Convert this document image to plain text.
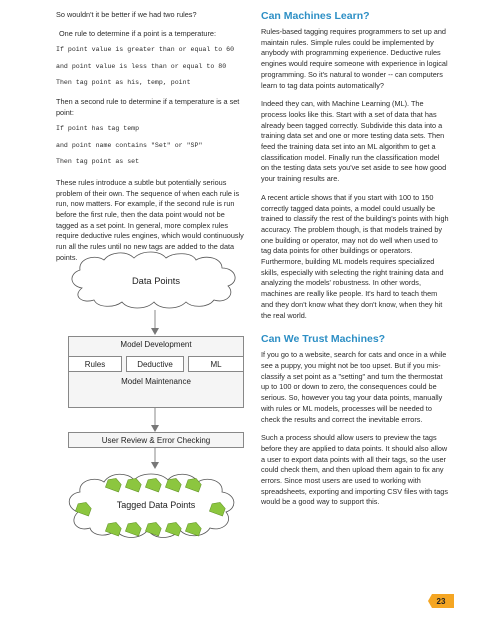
So wouldn't it be better if we had two rules?

One rule to determine if a point is a temperature:

If point value is greater than or equal to 60
and point value is less than or equal to 80
Then tag point as his, temp, point

Then a second rule to determine if a temperature is a set point:

If point has tag temp
and point name contains "Set" or "SP"
Then tag point as set

These rules introduce a subtle but potentially serious problem of their own. The sequence of when each rule is run, now matters. For example, if the second rule is run before the first rule, then the data point would not be tagged as a set point. In general, more complex rules require deductive rules engines, which would continuously run all the rules until no new tags are added to the data points.

Data Points
Model Development
Rules	Deductive	ML
Model Maintenance
User Review & Error Checking
Tagged Data Points
Can Machines Learn?

Rules-based tagging requires programmers to set up and maintain rules. Simple rules could be implemented by anybody with programming experience. Deductive rules engines would require someone with experience in logical programming. So it's natural to wonder -- can computers learn to tag data points automatically?

Indeed they can, with Machine Learning (ML). The process looks like this. Start with a set of data that has already been tagged correctly. Subdivide this data into a training data set and one or more testing data sets. Then feed the training data set into an ML algorithm to get a classification model. Finally run the classification model on the testing data sets you've set aside to see how good your training results are.

A recent article shows that if you start with 100 to 150 correctly tagged data points, a model could usually be trained to classify the rest of the building's points with high accuracy. The problem though, is that models trained by one building or operator, may not do well when used to tag data points for other buildings or operators. Furthermore, building ML models requires specialized skills, especially with selecting the right training data and analyzing the models' robustness. In other words, machines are really like people. It's hard to teach them and they don't know what they don't know, when they hit the real world.

Can We Trust Machines?

If you go to a website, search for cats and once in a while see a puppy, you might not be too upset. But if you mis-classify a set point as a "setting" and turn the thermostat up to 100 or down to zero, the consequences could be serious. So, however you tag your data points, manually with rules or ML models, processes will be needed to check the results and correct the inevitable errors.

Such a process should allow users to preview the tags before they are applied to data points. It should also allow a user to export data points with all their tags, so the user could check them, and then upload them again to fix any errors. Since most users are used to working with spreadsheets, exporting and importing CSV files with tags would be a good way to support this.

23
